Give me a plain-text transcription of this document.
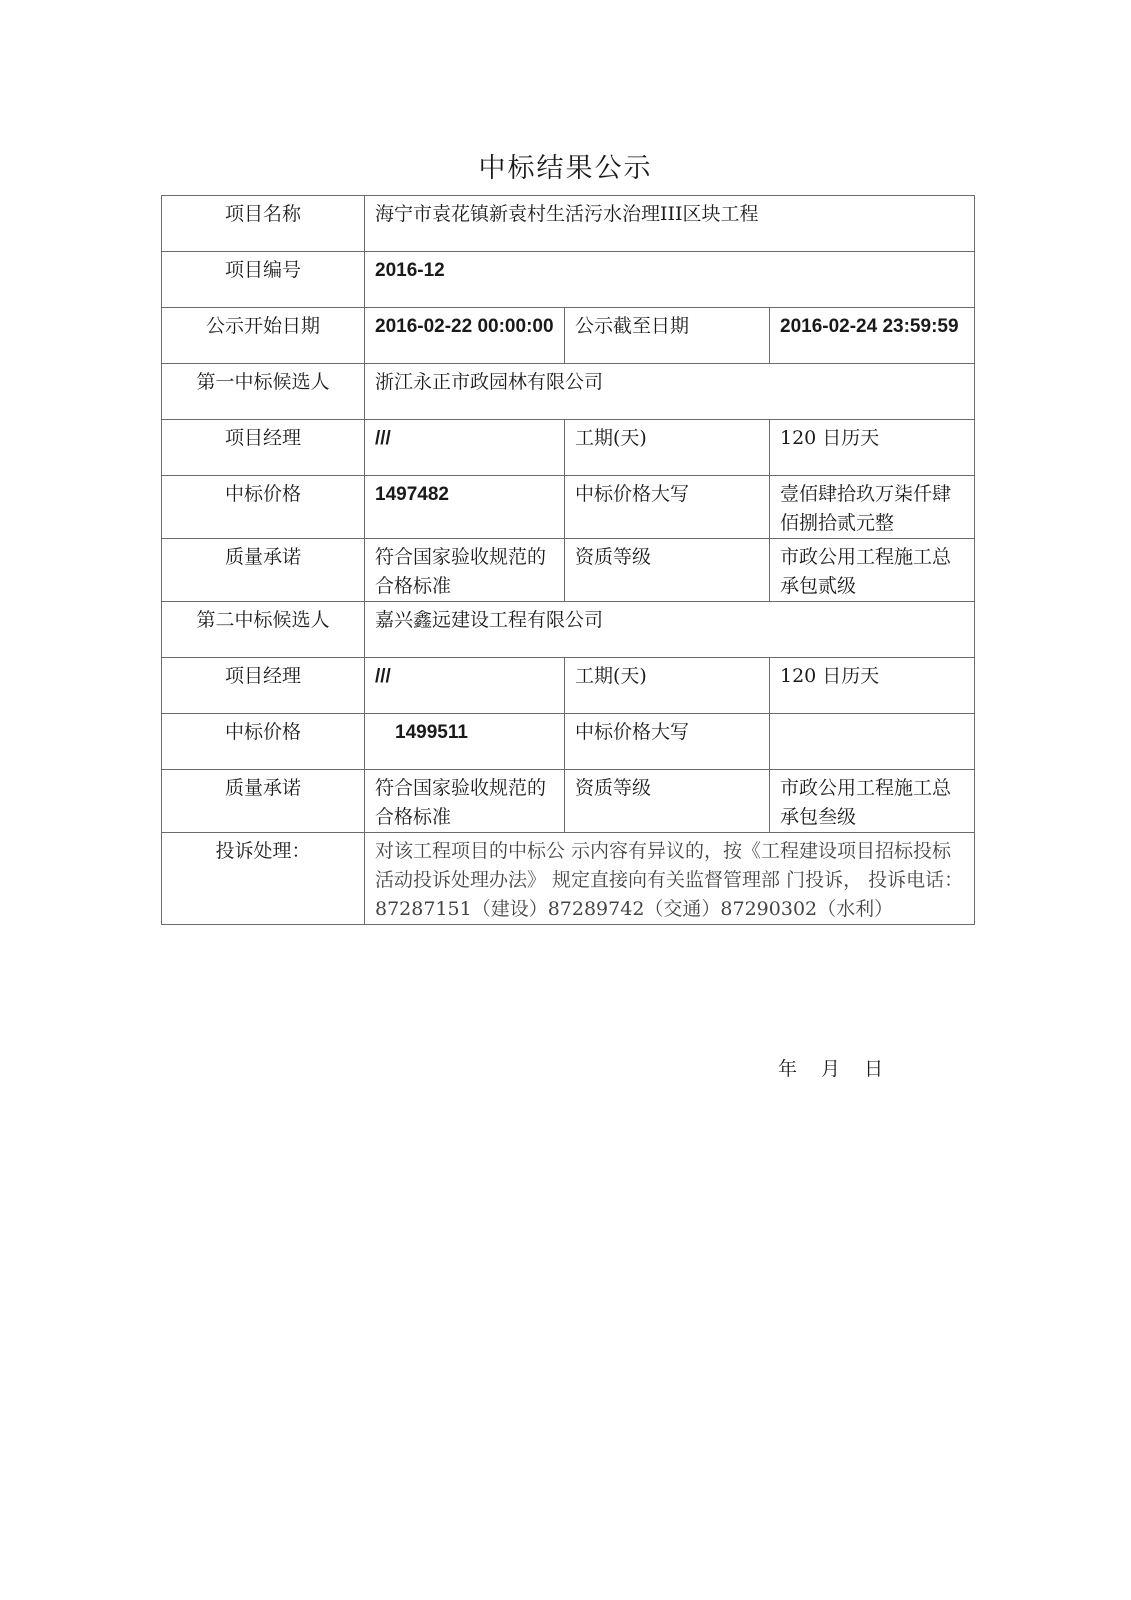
中标结果公示
项目名称	海宁市袁花镇新袁村生活污水治理III区块工程		
项目编号	2016-12		
公示开始日期	2016-02-22 00:00:00	公示截至日期	2016-02-24 23:59:59
第一中标候选人	浙江永正市政园林有限公司		
项目经理	///	工期(天)	120 日历天
中标价格	1497482	中标价格大写	壹佰肆拾玖万柒仟肆佰捌拾贰元整
质量承诺	符合国家验收规范的合格标准	资质等级	市政公用工程施工总承包贰级
第二中标候选人	嘉兴鑫远建设工程有限公司		
项目经理	///	工期(天)	120 日历天
中标价格	1499511	中标价格大写	
质量承诺	符合国家验收规范的合格标准	资质等级	市政公用工程施工总承包叁级
投诉处理：	对该工程项目的中标公 示内容有异议的，按《工程建设项目招标投标活动投诉处理办法》 规定直接向有关监督管理部 门投诉， 投诉电话：87287151（建设）87289742（交通）87290302（水利）		
年 月 日
